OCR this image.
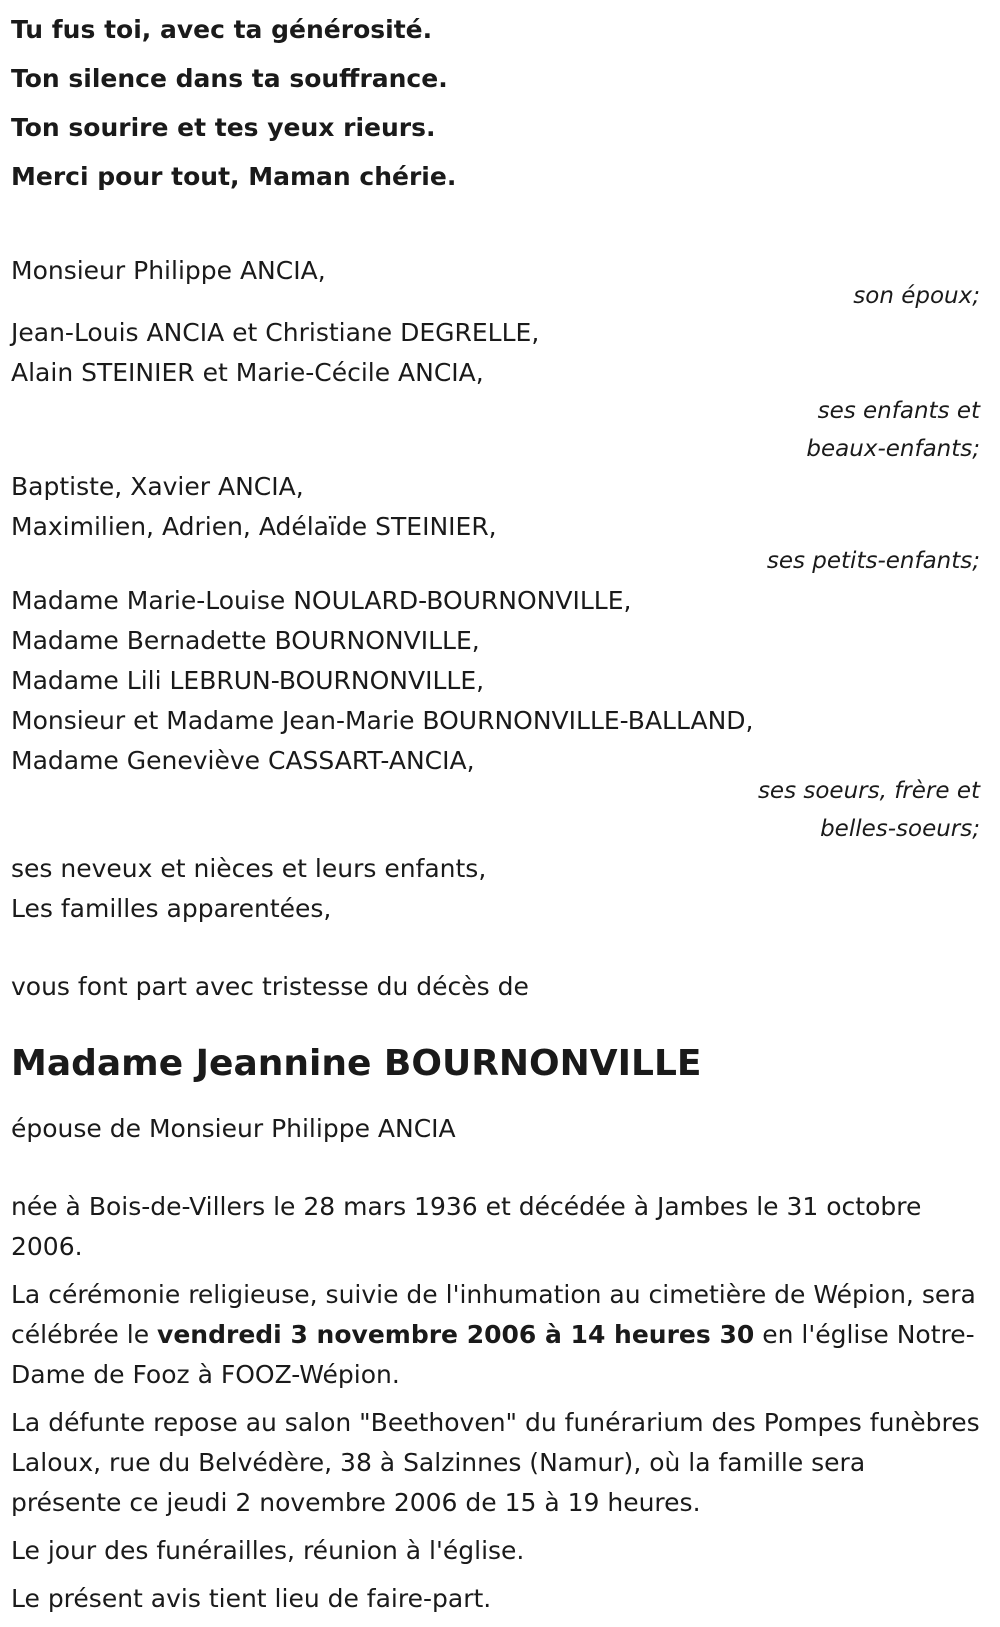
Tu fus toi, avec ta générosité.
Ton silence dans ta souffrance.
Ton sourire et tes yeux rieurs.
Merci pour tout, Maman chérie.
Monsieur Philippe ANCIA,
son époux;
Jean-Louis ANCIA et Christiane DEGRELLE,
Alain STEINIER et Marie-Cécile ANCIA,
ses enfants et
beaux-enfants;
Baptiste, Xavier ANCIA,
Maximilien, Adrien, Adélaïde STEINIER,
ses petits-enfants;
Madame Marie-Louise NOULARD-BOURNONVILLE,
Madame Bernadette BOURNONVILLE,
Madame Lili LEBRUN-BOURNONVILLE,
Monsieur et Madame Jean-Marie BOURNONVILLE-BALLAND,
Madame Geneviève CASSART-ANCIA,
ses soeurs, frère et
belles-soeurs;
ses neveux et nièces et leurs enfants,
Les familles apparentées,
vous font part avec tristesse du décès de
Madame Jeannine BOURNONVILLE
épouse de Monsieur Philippe ANCIA
née à Bois-de-Villers le 28 mars 1936 et décédée à Jambes le 31 octobre 2006.
La cérémonie religieuse, suivie de l'inhumation au cimetière de Wépion, sera célébrée le vendredi 3 novembre 2006 à 14 heures 30 en l'église Notre-Dame de Fooz à FOOZ-Wépion.
La défunte repose au salon "Beethoven" du funérarium des Pompes funèbres Laloux, rue du Belvédère, 38 à Salzinnes (Namur), où la famille sera présente ce jeudi 2 novembre 2006 de 15 à 19 heures.
Le jour des funérailles, réunion à l'église.
Le présent avis tient lieu de faire-part.
